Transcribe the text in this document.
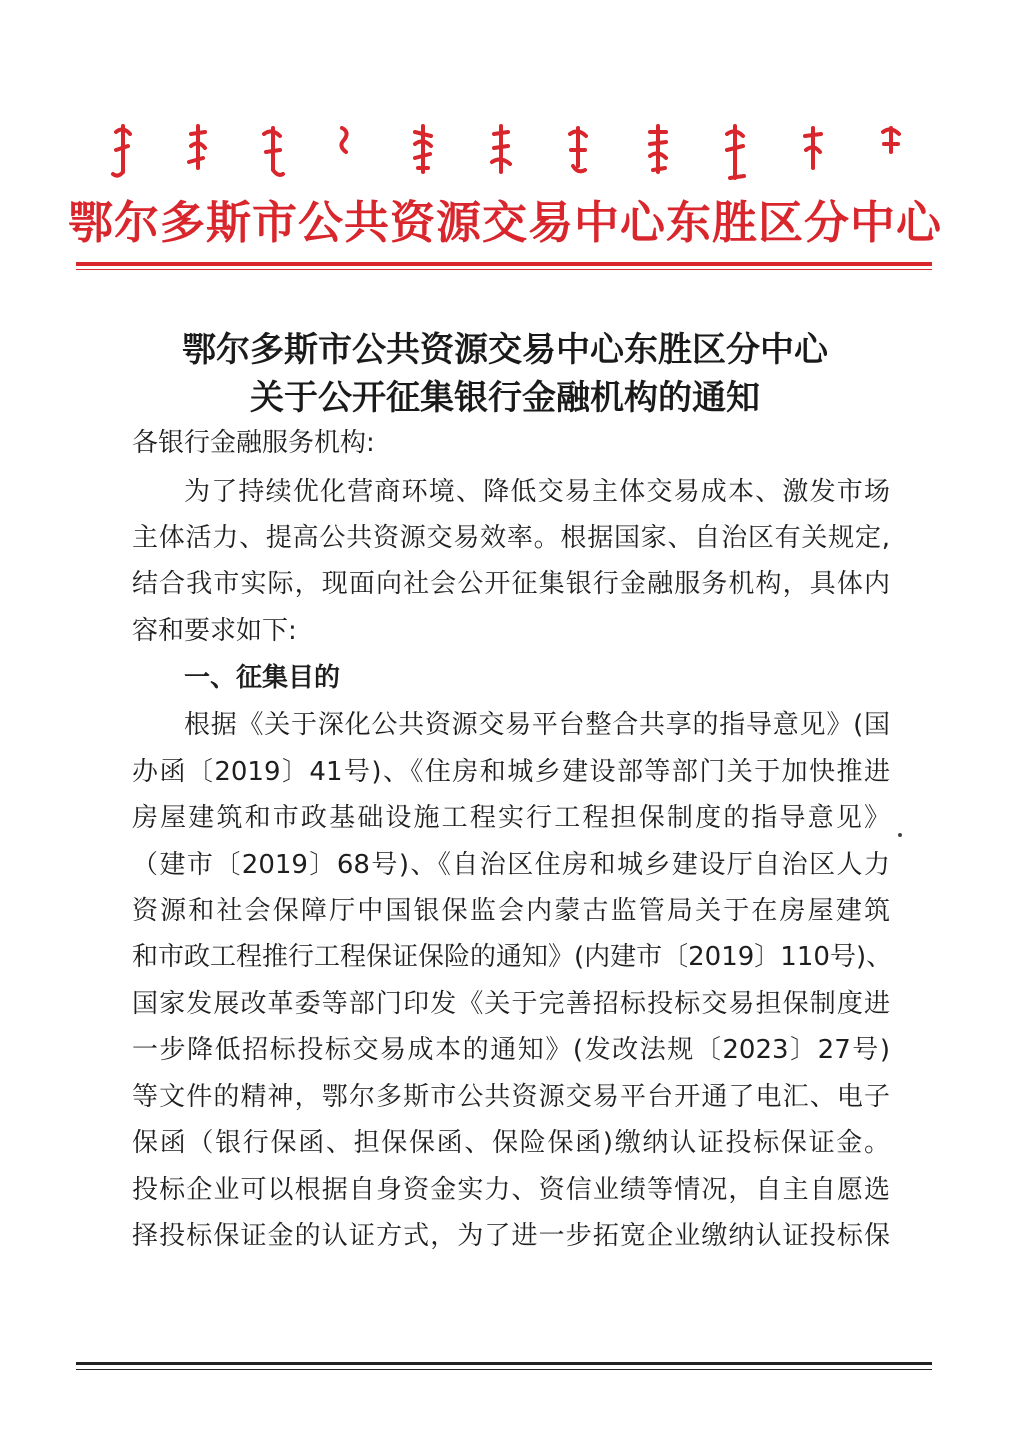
鄂尔多斯市公共资源交易中心东胜区分中心
鄂尔多斯市公共资源交易中心东胜区分中心
关于公开征集银行金融机构的通知
各银行金融服务机构:
为了持续优化营商环境、降低交易主体交易成本、激发市场
主体活力、提高公共资源交易效率。根据国家、自治区有关规定,
结合我市实际，现面向社会公开征集银行金融服务机构，具体内
容和要求如下:
一、征集目的
根据《关于深化公共资源交易平台整合共享的指导意见》(国
办函〔2019〕41号)、《住房和城乡建设部等部门关于加快推进
房屋建筑和市政基础设施工程实行工程担保制度的指导意见》
（建市〔2019〕68号)、《自治区住房和城乡建设厅自治区人力
资源和社会保障厅中国银保监会内蒙古监管局关于在房屋建筑
和市政工程推行工程保证保险的通知》(内建市〔2019〕110号)、
国家发展改革委等部门印发《关于完善招标投标交易担保制度进
一步降低招标投标交易成本的通知》(发改法规〔2023〕27号)
等文件的精神，鄂尔多斯市公共资源交易平台开通了电汇、电子
保函（银行保函、担保保函、保险保函)缴纳认证投标保证金。
投标企业可以根据自身资金实力、资信业绩等情况，自主自愿选
择投标保证金的认证方式，为了进一步拓宽企业缴纳认证投标保
